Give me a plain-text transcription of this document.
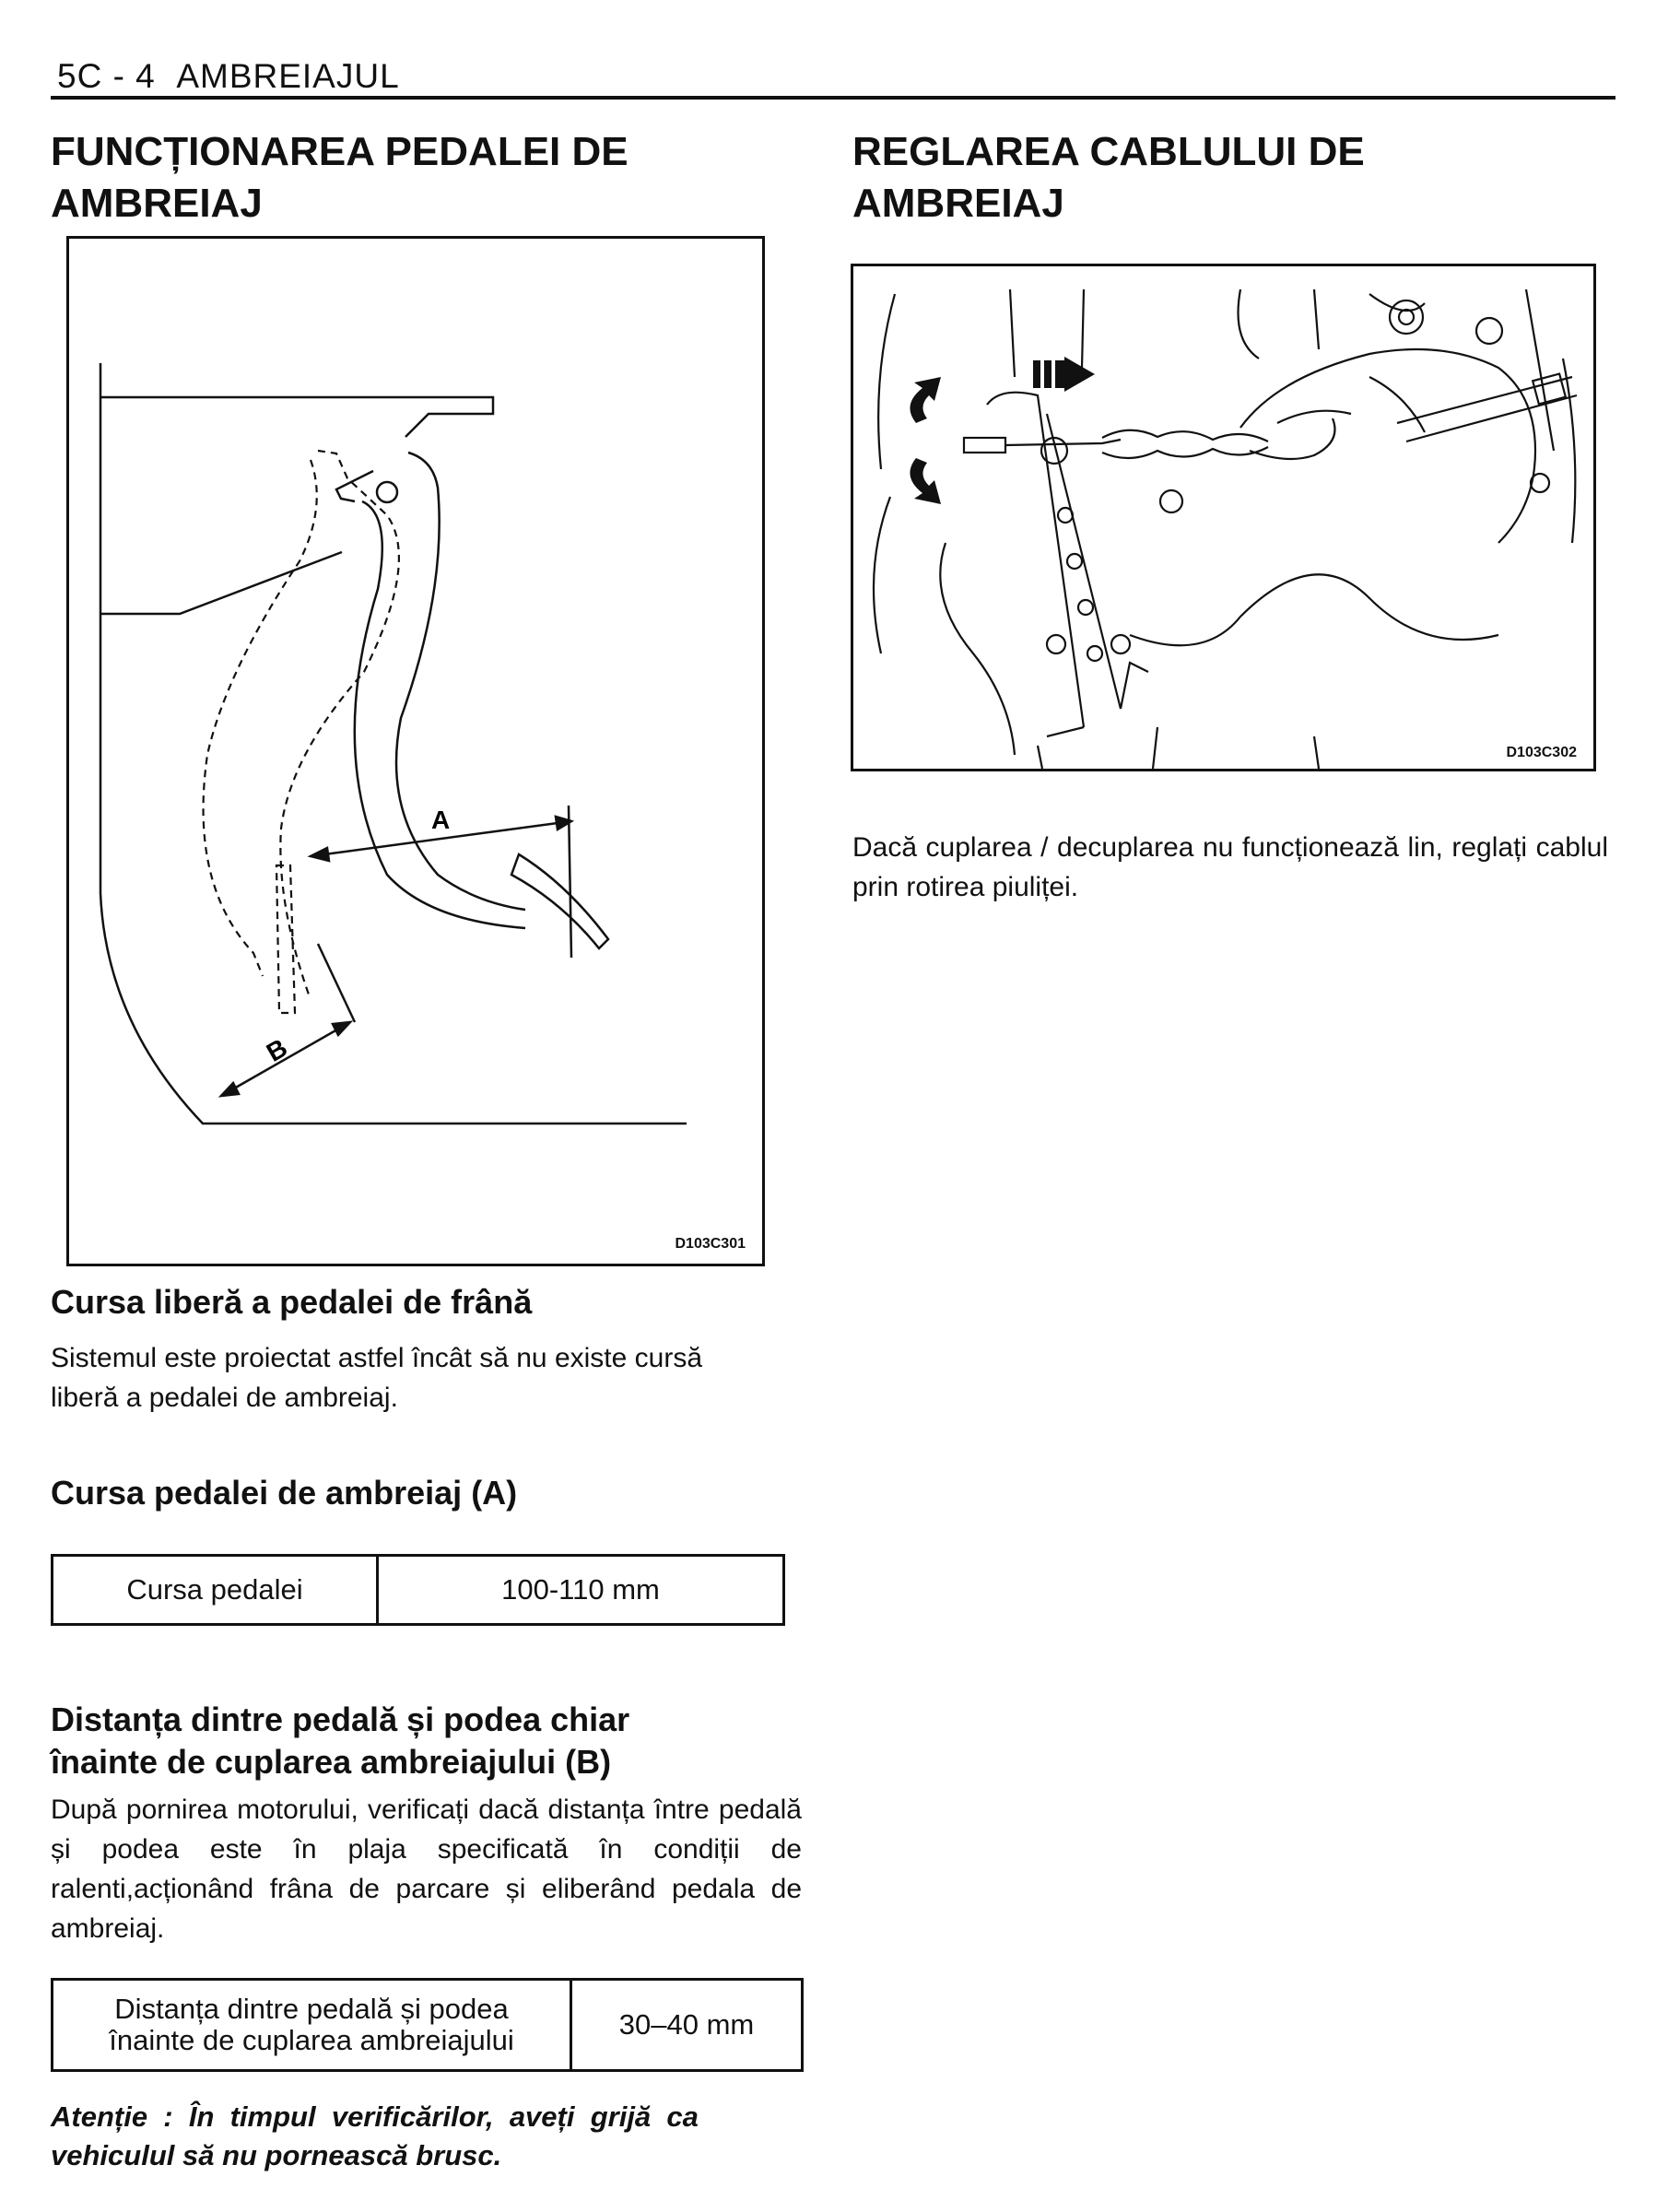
5C - 4 AMBREIAJUL
FUNCȚIONAREA PEDALEI DE
AMBREIAJ
A
B
D103C301
Cursa liberă a pedalei de frână
Sistemul este proiectat astfel încât să nu existe cursă
liberă a pedalei de ambreiaj.
Cursa pedalei de ambreiaj (A)
Cursa pedalei	100-110 mm
Distanța dintre pedală și podea chiar
înainte de cuplarea ambreiajului (B)
După pornirea motorului, verificați dacă distanța între pedală și podea este în plaja specificată în condiții de ralenti,acționând frâna de parcare și eliberând pedala de ambreiaj.
Distanța dintre pedală și podea
înainte de cuplarea ambreiajului	30–40 mm
Atenție  :  În  timpul  verificărilor,  aveți  grijă  ca
vehiculul să nu pornească brusc.
REGLAREA CABLULUI DE
AMBREIAJ
D103C302
Dacă cuplarea / decuplarea nu funcționează lin, reglați cablul prin rotirea piuliței.
